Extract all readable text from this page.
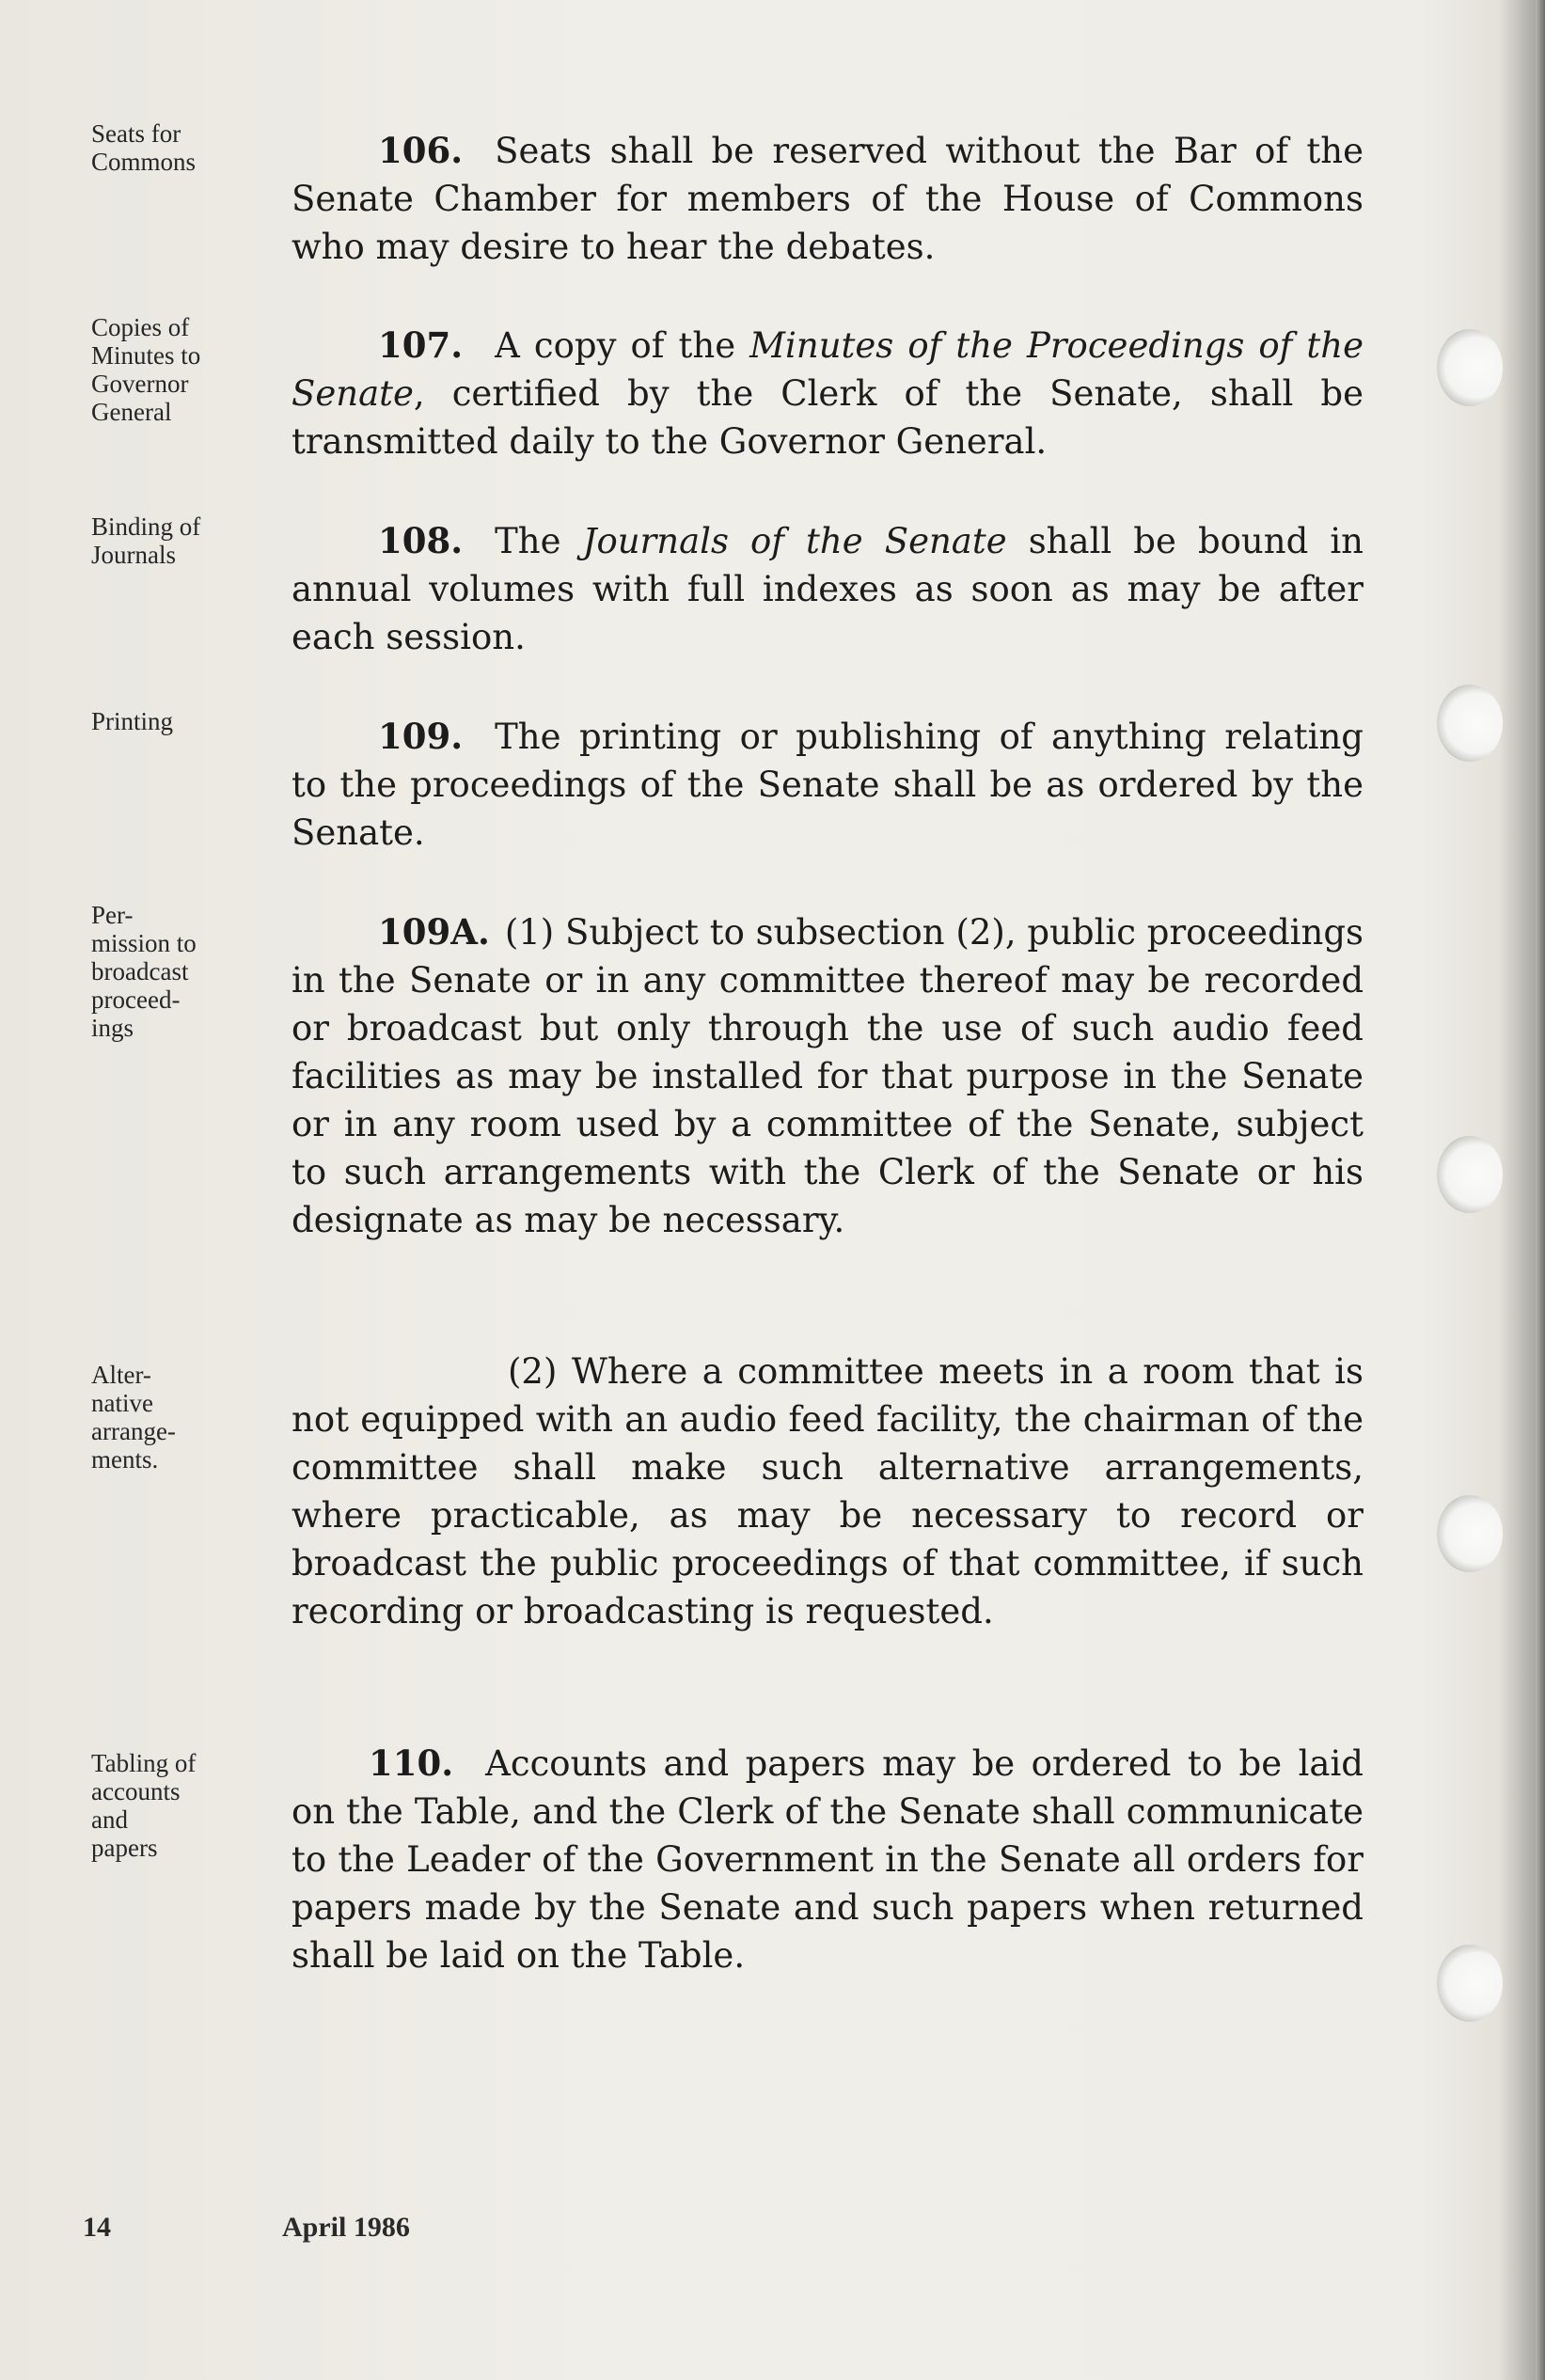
Seats for
Commons
Copies of
Minutes to
Governor
General
Binding of
Journals
Printing
Per-
mission to
broadcast
proceed-
ings
Alter-
native
arrange-
ments.
Tabling of
accounts
and
papers
106. Seats shall be reserved without the Bar of the Senate Chamber for members of the House of Commons who may desire to hear the debates.
107. A copy of the Minutes of the Proceedings of the Senate, certified by the Clerk of the Senate, shall be transmitted daily to the Governor General.
108. The Journals of the Senate shall be bound in annual volumes with full indexes as soon as may be after each session.
109. The printing or publishing of anything relating to the proceedings of the Senate shall be as ordered by the Senate.
109A. (1) Subject to subsection (2), public proceedings in the Senate or in any committee thereof may be recorded or broadcast but only through the use of such audio feed facilities as may be installed for that purpose in the Senate or in any room used by a committee of the Senate, subject to such arrangements with the Clerk of the Senate or his designate as may be necessary.
(2) Where a committee meets in a room that is not equipped with an audio feed facility, the chairman of the committee shall make such alternative arrangements, where practicable, as may be necessary to record or broadcast the public proceedings of that committee, if such recording or broadcasting is requested.
110. Accounts and papers may be ordered to be laid on the Table, and the Clerk of the Senate shall communicate to the Leader of the Government in the Senate all orders for papers made by the Senate and such papers when returned shall be laid on the Table.
14	April 1986
